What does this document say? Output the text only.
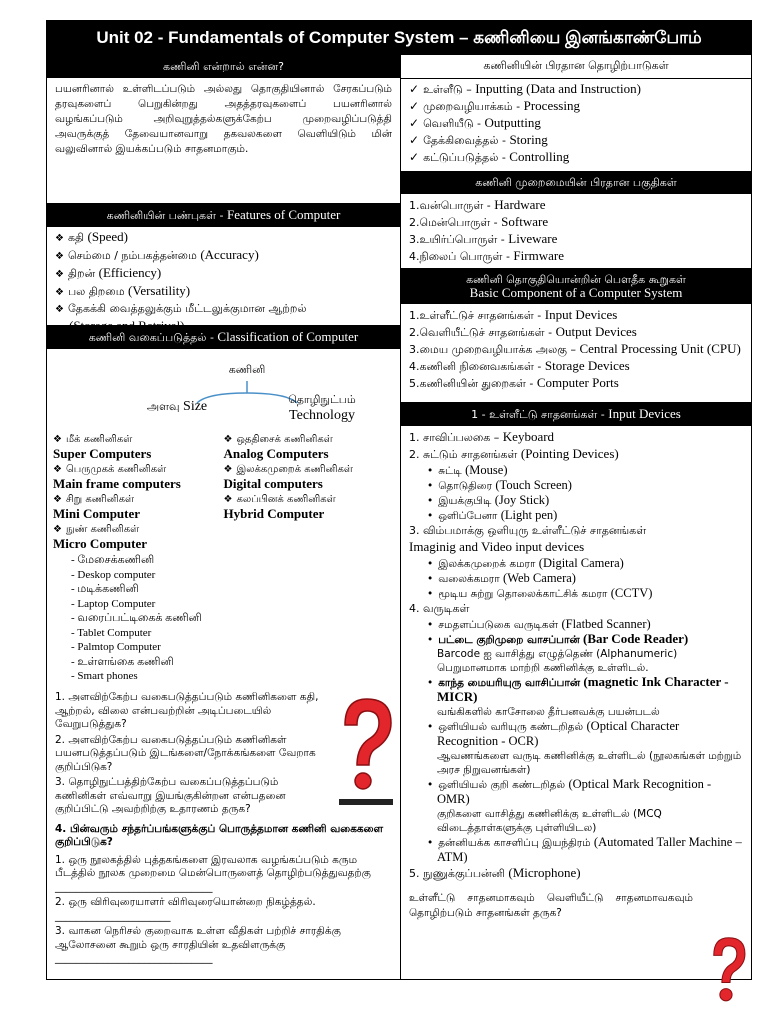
Unit 02 - Fundamentals of Computer System – கணினியை இனங்காண்போம்
கணினி என்றால் என்ன?
பயனரினால் உள்ளிடப்படும் அல்லது தொகுதியினால் சேரகப்படும் தரவுகளைப் பெறுகின்றது அதத்தரவுகளைப் பயனரினால் வழங்கப்படும் அறிவுறுத்தல்களுக்கேற்ப முறைவழிப்படுத்தி அவருக்குத் தேவையானவாறு தகவலகளை வெளியிடும் மின் வலுவினால் இயக்கப்படும் சாதனமாகும்.
கணினியின் பண்புகள் - Features of Computer
❖ கதி (Speed)
❖ செம்மை / நம்பகத்தன்மை (Accuracy)
❖ திறன் (Efficiency)
❖ பல திறமை (Versatility)
❖ தேகக்கி வைத்தலுக்கும் மீட்டலுக்குமான ஆற்றல்
(Storage and Retrival)
கணினி வகைப்படுத்தல் - Classification of Computer
கணினி
அளவு Size	தொழிநுட்பம்
Technology
❖ மீக் கணினிகள்
Super Computers
❖ பெருமுகக் கணினிகள்
Main frame computers
❖ சிறு கணினிகள்
Mini Computer
❖ நுண் கணினிகள்
Micro Computer
❖ ஒததிசைக் கணினிகள்
Analog Computers
❖ இலக்கமுறைக் கணினிகள்
Digital computers
❖ கலப்பினக் கணினிகள்
Hybrid Computer
- மேசைக்கணினி
- Deskop computer
- மடிக்கணினி
- Laptop Computer
- வரைப்பட்டிகைக் கணினி
- Tablet Computer
- Palmtop Computer
- உள்ளங்கை கணினி
- Smart phones
1. அளவிற்கேற்ப வகைபடுத்தப்படும் கணினிகளை கதி, ஆற்றல், விலை என்பவற்றின் அடிப்படையில் வேறுபடுத்துக?
2. அளவிற்கேற்ப வகைபடுத்தப்படும் கணினிகள் பயனபடுத்தப்படும் இடங்களை/நோக்கங்களை வேறாக குறிப்பிடுக?
3. தொழிநுட்பத்திற்கேற்ப வகைப்படுத்தப்படும் கணினிகள் எவ்வாறு இயங்குகின்றன என்பதனை குறிப்பிட்டு அவற்றிற்கு உதாரணம் தருக?
4. பின்வரும் சந்தர்ப்பங்களுக்குப் பொருத்தமான கணினி வகைகளை குறிப்பிடுக?
1. ஒரு நூலகத்தில் புத்தகங்களை இரவலாக வழங்கப்படும் கரும பீடத்தில் நூலக முறைமை மென்பொருளைத் தொழிற்படுத்துவதற்கு ______________________________
2. ஒரு விரிவுரையாளர் விரிவுரையொன்றை நிகழ்த்தல். ______________________
3. வாகன நெரிசல் குறைவாக உள்ள வீதிகள் பற்றிச் சாரதிக்கு ஆலோசனை கூறும் ஒரு சாரதியின் உதவிளருக்கு ______________________________
கணினியின் பிரதான தொழிற்பாடுகள்
✓ உள்ளீடு – Inputting (Data and Instruction)
✓ முறைவழியாக்கம் - Processing
✓ வெளியீடு - Outputting
✓ தேக்கிவைத்தல் - Storing
✓ கட்டுப்படுத்தல் - Controlling
கணினி முறைமையின் பிரதான பகுதிகள்
1.வன்பொருள் - Hardware
2.மென்பொருள் - Software
3.உயிர்ப்பொருள் - Liveware
4.நிலைப் பொருள் - Firmware
கணினி தொகுதியொன்றின் பௌதீக கூறுகள்
Basic Component of a Computer System
1.உள்ளீட்டுச் சாதனங்கள் - Input Devices
2.வெளியீட்டுச் சாதனங்கள் - Output Devices
3.மைய முறைவழியாக்க அலகு – Central Processing Unit (CPU)
4.கணினி நினைவகங்கள் - Storage Devices
5.கணினியின் துறைகள் - Computer Ports
1 - உள்ளீட்டு சாதனங்கள் - Input Devices
1. சாவிப்பலகை – Keyboard
2. சுட்டும் சாதனங்கள் (Pointing Devices)
• சுட்டி (Mouse)
• தொடுதிரை (Touch Screen)
• இயக்குபிடி (Joy Stick)
• ஒளிப்பேனா (Light pen)
3. விம்பமாக்கு ஒளியுரு உள்ளீட்டுச் சாதனங்கள்
Imaginig and Video input devices
• இலக்கமுறைக் கமரா (Digital Camera)
• வலைக்கமரா (Web Camera)
• மூடிய சுற்று தொலைக்காட்சிக் கமரா (CCTV)
4. வருடிகள்
• சமதளப்படுகை வருடிகள் (Flatbed Scanner)
• பட்டை குறிமுறை வாசப்பான் (Bar Code Reader)
Barcode ஐ வாசித்து எழுத்தெண் (Alphanumeric) பெறுமானமாக மாற்றி கணினிக்கு உள்ளிடல்.
• காந்த மையரியுரு வாசிப்பான் (magnetic Ink Character - MICR)
வங்கிகளில் காசோலை தீர்பனவக்கு பயன்படல்
• ஒளியியல் வரியுரு கண்டறிதல் (Optical Character Recognition - OCR)
ஆவணங்களை வருடி கணினிக்கு உள்ளிடல் (நூலகங்கள் மற்றும் அரச நிறுவனங்கள்)
• ஒளியியல் குறி கண்டறிதல் (Optical Mark Recognition - OMR)
குறிகளை வாசித்து கணினிக்கு உள்ளிடல் (MCQ விடைத்தாள்களுக்கு புள்ளியிடல)
• தன்னியக்க காசளிப்பு இயந்திரம் (Automated Taller Machine – ATM)
5. நுணுக்குப்பன்னி (Microphone)
உள்ளீட்டு சாதனமாகவும் வெளியீட்டு சாதனமாவகவும் தொழிற்படும் சாதனங்கள் தருக?
